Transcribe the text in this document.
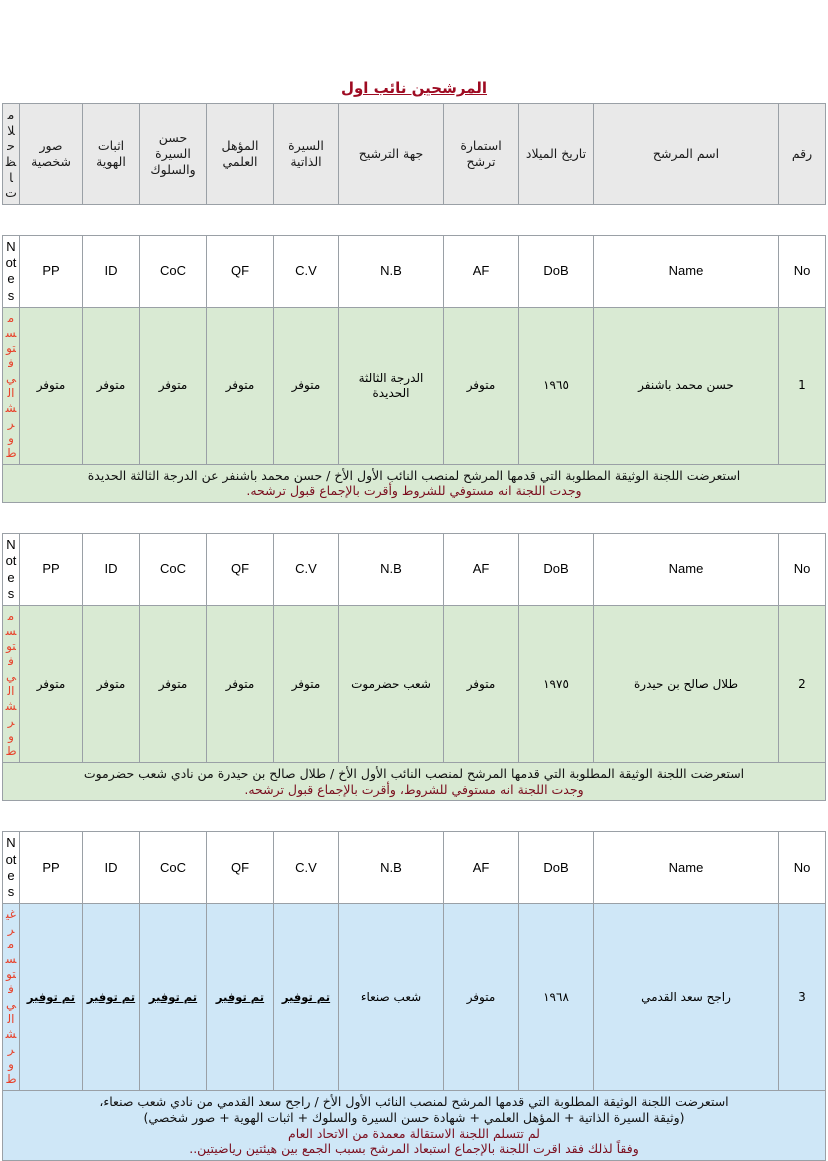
المرشحين نائب اول
رقم	اسم المرشح	تاريخ الميلاد	استمارة ترشح	جهة الترشيح	السيرة الذاتية	المؤهل العلمي	حسن السيرة والسلوك	اثبات الهوية	صور شخصية	ملاحظات
No	Name	DoB	AF	N.B	C.V	QF	CoC	ID	PP	Notes
1	حسن محمد باشنفر	١٩٦٥	متوفر	الدرجة الثالثة الحديدة	متوفر	متوفر	متوفر	متوفر	متوفر	مستوفي الشروط

استعرضت اللجنة الوثيقة المطلوبة التي قدمها المرشح لمنصب النائب الأول الأخ / حسن محمد باشنفر عن الدرجة الثالثة الحديدة
وجدت اللجنة انه مستوفي للشروط وأقرت بالإجماع قبول ترشحه.										
No	Name	DoB	AF	N.B	C.V	QF	CoC	ID	PP	Notes
2	طلال صالح بن حيدرة	١٩٧٥	متوفر	شعب حضرموت	متوفر	متوفر	متوفر	متوفر	متوفر	مستوفي الشروط

استعرضت اللجنة الوثيقة المطلوبة التي قدمها المرشح لمنصب النائب الأول الأخ / طلال صالح بن حيدرة من نادي شعب حضرموت
وجدت اللجنة انه مستوفي للشروط، وأقرت بالإجماع قبول ترشحه.										
No	Name	DoB	AF	N.B	C.V	QF	CoC	ID	PP	Notes
3	راجح سعد القدمي	١٩٦٨	متوفر	شعب صنعاء	تم توفير	تم توفير	تم توفير	تم توفير	تم توفير	غير مستوفي الشروط

استعرضت اللجنة الوثيقة المطلوبة التي قدمها المرشح لمنصب النائب الأول الأخ / راجح سعد القدمي من نادي شعب صنعاء،
(وثيقة السيرة الذاتية + المؤهل العلمي + شهادة حسن السيرة والسلوك + اثبات الهوية + صور شخصي)
لم تتسلم اللجنة الاستقالة معمدة من الاتحاد العام
وفقاً لذلك فقد اقرت اللجنة بالإجماع استبعاد المرشح بسبب الجمع بين هيئتين رياضيتين..										
